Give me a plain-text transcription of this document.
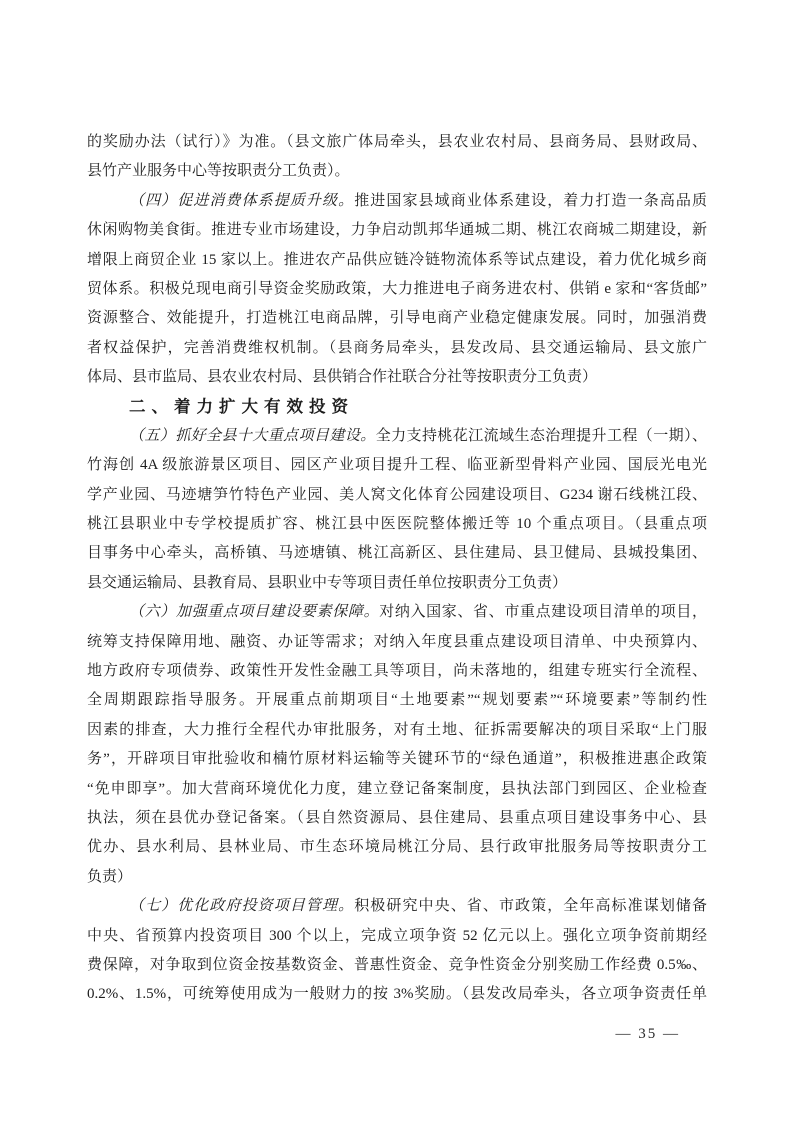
的奖励办法（试行）》为准。（县文旅广体局牵头，县农业农村局、县商务局、县财政局、
县竹产业服务中心等按职责分工负责）。
（四）促进消费体系提质升级。推进国家县域商业体系建设，着力打造一条高品质
休闲购物美食街。推进专业市场建设，力争启动凯邦华通城二期、桃江农商城二期建设，新
增限上商贸企业 15 家以上。推进农产品供应链冷链物流体系等试点建设，着力优化城乡商
贸体系。积极兑现电商引导资金奖励政策，大力推进电子商务进农村、供销 e 家和“客货邮”
资源整合、效能提升，打造桃江电商品牌，引导电商产业稳定健康发展。同时，加强消费
者权益保护，完善消费维权机制。（县商务局牵头，县发改局、县交通运输局、县文旅广
体局、县市监局、县农业农村局、县供销合作社联合分社等按职责分工负责）
二、着力扩大有效投资
（五）抓好全县十大重点项目建设。全力支持桃花江流域生态治理提升工程（一期）、
竹海创 4A 级旅游景区项目、园区产业项目提升工程、临亚新型骨料产业园、国辰光电光
学产业园、马迹塘笋竹特色产业园、美人窝文化体育公园建设项目、G234 谢石线桃江段、
桃江县职业中专学校提质扩容、桃江县中医医院整体搬迁等 10 个重点项目。（县重点项
目事务中心牵头，高桥镇、马迹塘镇、桃江高新区、县住建局、县卫健局、县城投集团、
县交通运输局、县教育局、县职业中专等项目责任单位按职责分工负责）
（六）加强重点项目建设要素保障。对纳入国家、省、市重点建设项目清单的项目，
统筹支持保障用地、融资、办证等需求；对纳入年度县重点建设项目清单、中央预算内、
地方政府专项债券、政策性开发性金融工具等项目，尚未落地的，组建专班实行全流程、
全周期跟踪指导服务。开展重点前期项目“土地要素”“规划要素”“环境要素”等制约性
因素的排查，大力推行全程代办审批服务，对有土地、征拆需要解决的项目采取“上门服
务”，开辟项目审批验收和楠竹原材料运输等关键环节的“绿色通道”，积极推进惠企政策
“免申即享”。加大营商环境优化力度，建立登记备案制度，县执法部门到园区、企业检查
执法，须在县优办登记备案。（县自然资源局、县住建局、县重点项目建设事务中心、县
优办、县水利局、县林业局、市生态环境局桃江分局、县行政审批服务局等按职责分工
负责）
（七）优化政府投资项目管理。积极研究中央、省、市政策，全年高标准谋划储备
中央、省预算内投资项目 300 个以上，完成立项争资 52 亿元以上。强化立项争资前期经
费保障，对争取到位资金按基数资金、普惠性资金、竞争性资金分别奖励工作经费 0.5‰、
0.2%、1.5%，可统筹使用成为一般财力的按 3%奖励。（县发改局牵头，各立项争资责任单
— 35 —
